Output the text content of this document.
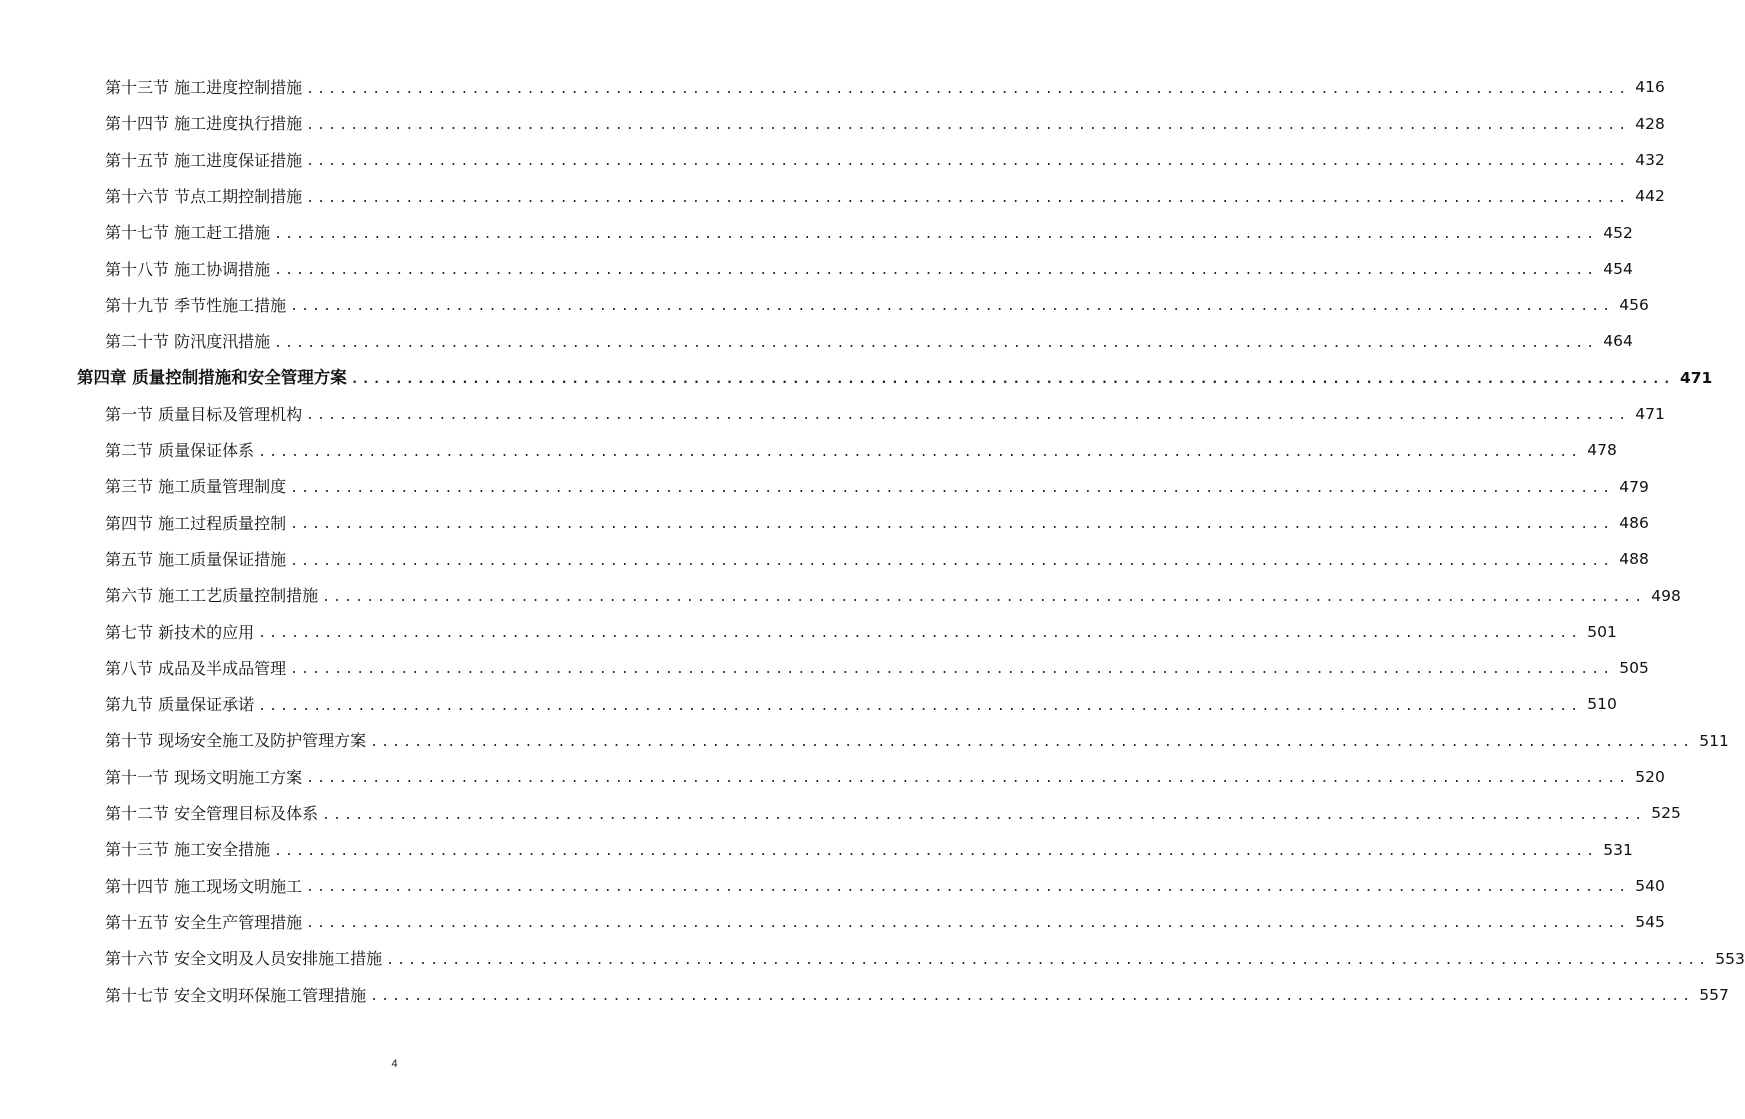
第十三节 施工进度控制措施 ........................................................................................................................ 416
第十四节 施工进度执行措施 ........................................................................................................................ 428
第十五节 施工进度保证措施 ........................................................................................................................ 432
第十六节 节点工期控制措施 ........................................................................................................................ 442
第十七节 施工赶工措施 ........................................................................................................................ 452
第十八节 施工协调措施 ........................................................................................................................ 454
第十九节 季节性施工措施 ........................................................................................................................ 456
第二十节 防汛度汛措施 ........................................................................................................................ 464
第四章 质量控制措施和安全管理方案 ........................................................................................................................ 471
第一节 质量目标及管理机构 ........................................................................................................................ 471
第二节 质量保证体系 ........................................................................................................................ 478
第三节 施工质量管理制度 ........................................................................................................................ 479
第四节 施工过程质量控制 ........................................................................................................................ 486
第五节 施工质量保证措施 ........................................................................................................................ 488
第六节 施工工艺质量控制措施 ........................................................................................................................ 498
第七节 新技术的应用 ........................................................................................................................ 501
第八节 成品及半成品管理 ........................................................................................................................ 505
第九节 质量保证承诺 ........................................................................................................................ 510
第十节 现场安全施工及防护管理方案 ........................................................................................................................ 511
第十一节 现场文明施工方案 ........................................................................................................................ 520
第十二节 安全管理目标及体系 ........................................................................................................................ 525
第十三节 施工安全措施 ........................................................................................................................ 531
第十四节 施工现场文明施工 ........................................................................................................................ 540
第十五节 安全生产管理措施 ........................................................................................................................ 545
第十六节 安全文明及人员安排施工措施 ........................................................................................................................ 553
第十七节 安全文明环保施工管理措施 ........................................................................................................................ 557
4
